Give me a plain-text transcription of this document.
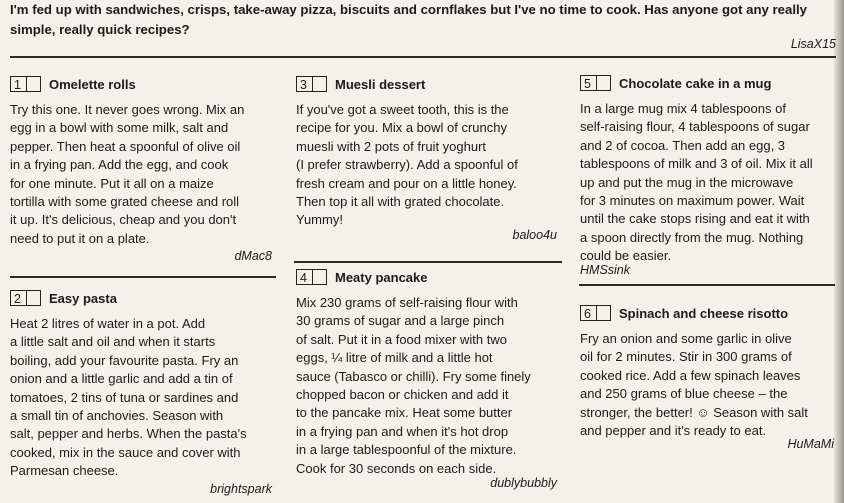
I'm fed up with sandwiches, crisps, take-away pizza, biscuits and cornflakes but I've no time to cook. Has anyone got any really simple, really quick recipes?
LisaX15
1	Omelette rolls
Try this one. It never goes wrong. Mix an
egg in a bowl with some milk, salt and
pepper. Then heat a spoonful of olive oil
in a frying pan. Add the egg, and cook
for one minute. Put it all on a maize
tortilla with some grated cheese and roll
it up. It's delicious, cheap and you don't
need to put it on a plate.
dMac8
2	Easy pasta
Heat 2 litres of water in a pot. Add
a little salt and oil and when it starts
boiling, add your favourite pasta. Fry an
onion and a little garlic and add a tin of
tomatoes, 2 tins of tuna or sardines and
a small tin of anchovies. Season with
salt, pepper and herbs. When the pasta's
cooked, mix in the sauce and cover with
Parmesan cheese.
brightspark
3	Muesli dessert
If you've got a sweet tooth, this is the
recipe for you. Mix a bowl of crunchy
muesli with 2 pots of fruit yoghurt
(I prefer strawberry). Add a spoonful of
fresh cream and pour on a little honey.
Then top it all with grated chocolate.
Yummy!
baloo4u
4	Meaty pancake
Mix 230 grams of self-raising flour with
30 grams of sugar and a large pinch
of salt. Put it in a food mixer with two
eggs, ¼ litre of milk and a little hot
sauce (Tabasco or chilli). Fry some finely
chopped bacon or chicken and add it
to the pancake mix. Heat some butter
in a frying pan and when it's hot drop
in a large tablespoonful of the mixture.
Cook for 30 seconds on each side.
dublybubbly
5	Chocolate cake in a mug
In a large mug mix 4 tablespoons of
self-raising flour, 4 tablespoons of sugar
and 2 of cocoa. Then add an egg, 3
tablespoons of milk and 3 of oil. Mix it all
up and put the mug in the microwave
for 3 minutes on maximum power. Wait
until the cake stops rising and eat it with
a spoon directly from the mug. Nothing
could be easier.
HMSsink
6	Spinach and cheese risotto
Fry an onion and some garlic in olive
oil for 2 minutes. Stir in 300 grams of
cooked rice. Add a few spinach leaves
and 250 grams of blue cheese – the
stronger, the better! ☺ Season with salt
and pepper and it's ready to eat.
HuMaMi
